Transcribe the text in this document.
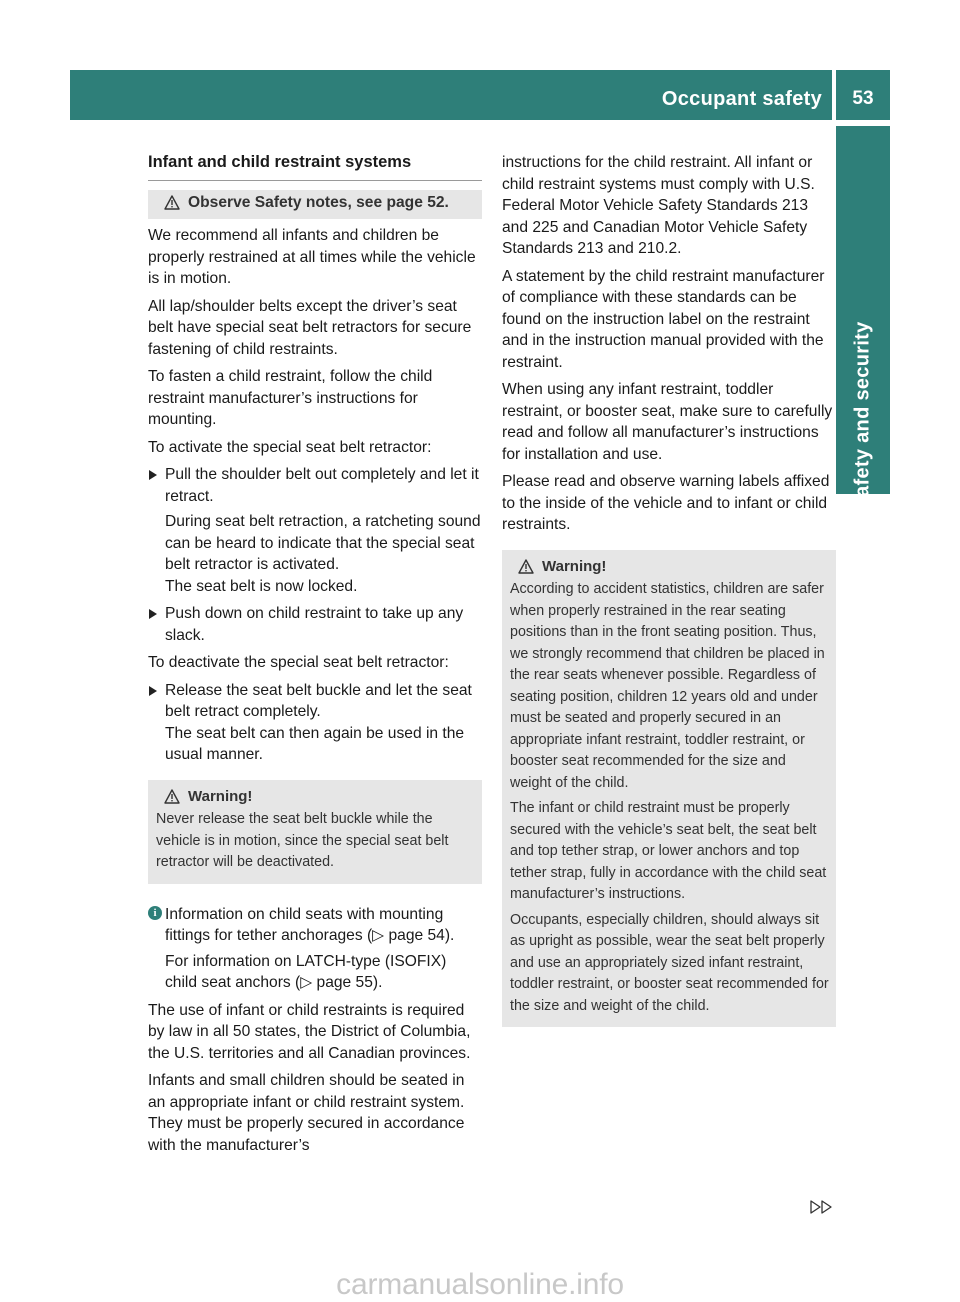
Occupant safety	53
Safety and security
Infant and child restraint systems
Observe Safety notes, see page 52.

We recommend all infants and children be properly restrained at all times while the vehicle is in motion.

All lap/shoulder belts except the driver’s seat belt have special seat belt retractors for secure fastening of child restraints.

To fasten a child restraint, follow the child restraint manufacturer’s instructions for mounting.

To activate the special seat belt retractor:

Pull the shoulder belt out completely and let it retract.

During seat belt retraction, a ratcheting sound can be heard to indicate that the special seat belt retractor is activated.

The seat belt is now locked.

Push down on child restraint to take up any slack.

To deactivate the special seat belt retractor:

Release the seat belt buckle and let the seat belt retract completely.

The seat belt can then again be used in the usual manner.

Warning!

Never release the seat belt buckle while the vehicle is in motion, since the special seat belt retractor will be deactivated.

i Information on child seats with mounting fittings for tether anchorages (▷ page 54).

For information on LATCH-type (ISOFIX) child seat anchors (▷ page 55).

The use of infant or child restraints is required by law in all 50 states, the District of Columbia, the U.S. territories and all Canadian provinces.

Infants and small children should be seated in an appropriate infant or child restraint system. They must be properly secured in accordance with the manufacturer’s

instructions for the child restraint. All infant or child restraint systems must comply with U.S. Federal Motor Vehicle Safety Standards 213 and 225 and Canadian Motor Vehicle Safety Standards 213 and 210.2.

A statement by the child restraint manufacturer of compliance with these standards can be found on the instruction label on the restraint and in the instruction manual provided with the restraint.

When using any infant restraint, toddler restraint, or booster seat, make sure to carefully read and follow all manufacturer’s instructions for installation and use.

Please read and observe warning labels affixed to the inside of the vehicle and to infant or child restraints.

Warning!

According to accident statistics, children are safer when properly restrained in the rear seating positions than in the front seating position. Thus, we strongly recommend that children be placed in the rear seats whenever possible. Regardless of seating position, children 12 years old and under must be seated and properly secured in an appropriate infant restraint, toddler restraint, or booster seat recommended for the size and weight of the child.

The infant or child restraint must be properly secured with the vehicle’s seat belt, the seat belt and top tether strap, or lower anchors and top tether strap, fully in accordance with the child seat manufacturer’s instructions.

Occupants, especially children, should always sit as upright as possible, wear the seat belt properly and use an appropriately sized infant restraint, toddler restraint, or booster seat recommended for the size and weight of the child.

carmanualsonline.info
